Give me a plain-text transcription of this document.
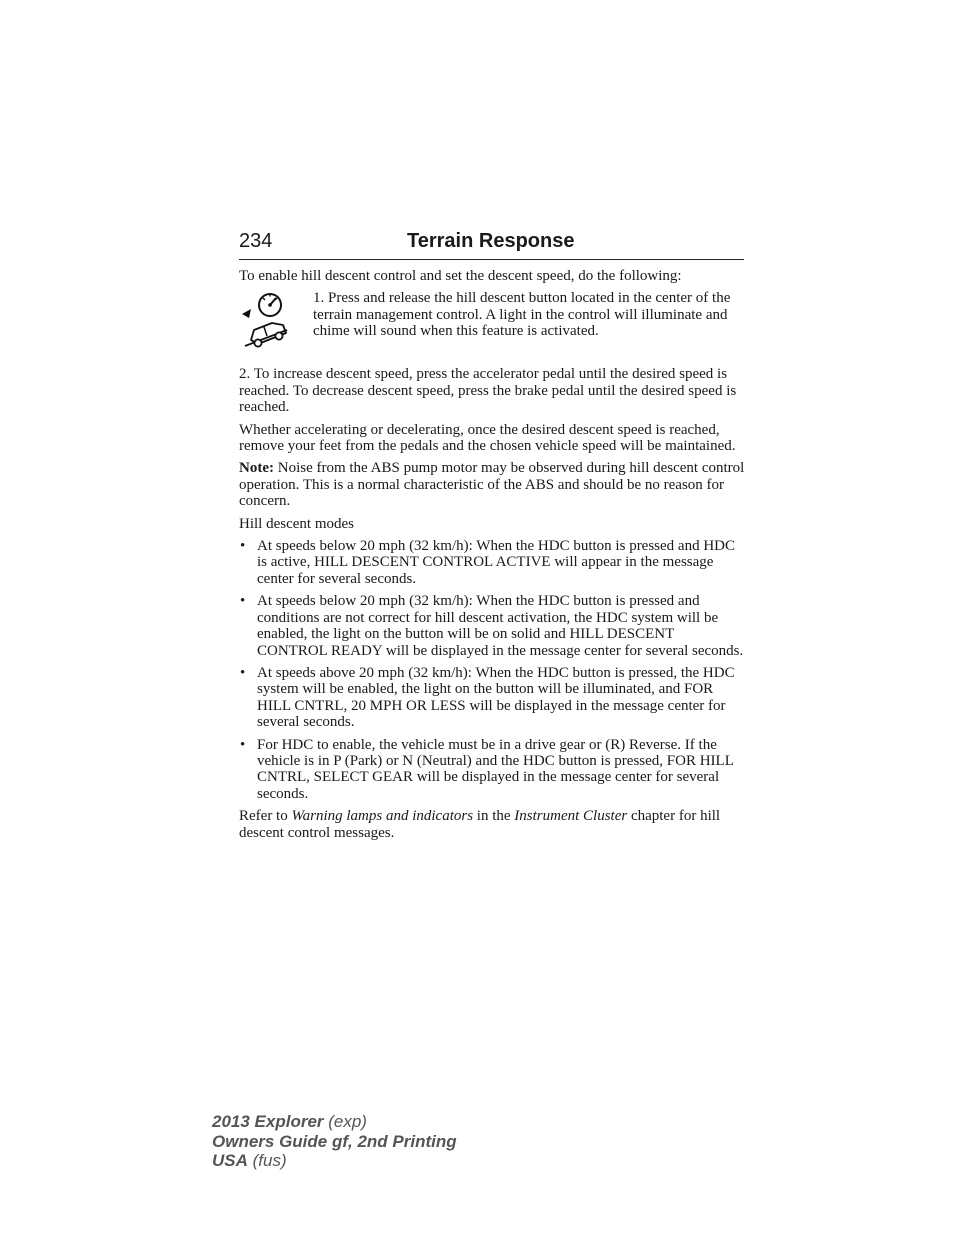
234	Terrain Response

To enable hill descent control and set the descent speed, do the following:

1. Press and release the hill descent button located in the center of the terrain management control. A light in the control will illuminate and chime will sound when this feature is activated.

2. To increase descent speed, press the accelerator pedal until the desired speed is reached. To decrease descent speed, press the brake pedal until the desired speed is reached.

Whether accelerating or decelerating, once the desired descent speed is reached, remove your feet from the pedals and the chosen vehicle speed will be maintained.

Note: Noise from the ABS pump motor may be observed during hill descent control operation. This is a normal characteristic of the ABS and should be no reason for concern.

Hill descent modes

• At speeds below 20 mph (32 km/h): When the HDC button is pressed and HDC is active, HILL DESCENT CONTROL ACTIVE will appear in the message center for several seconds.
• At speeds below 20 mph (32 km/h): When the HDC button is pressed and conditions are not correct for hill descent activation, the HDC system will be enabled, the light on the button will be on solid and HILL DESCENT CONTROL READY will be displayed in the message center for several seconds.
• At speeds above 20 mph (32 km/h): When the HDC button is pressed, the HDC system will be enabled, the light on the button will be illuminated, and FOR HILL CNTRL, 20 MPH OR LESS will be displayed in the message center for several seconds.
• For HDC to enable, the vehicle must be in a drive gear or (R) Reverse. If the vehicle is in P (Park) or N (Neutral) and the HDC button is pressed, FOR HILL CNTRL, SELECT GEAR will be displayed in the message center for several seconds.

Refer to Warning lamps and indicators in the Instrument Cluster chapter for hill descent control messages.

2013 Explorer (exp)
Owners Guide gf, 2nd Printing
USA (fus)
